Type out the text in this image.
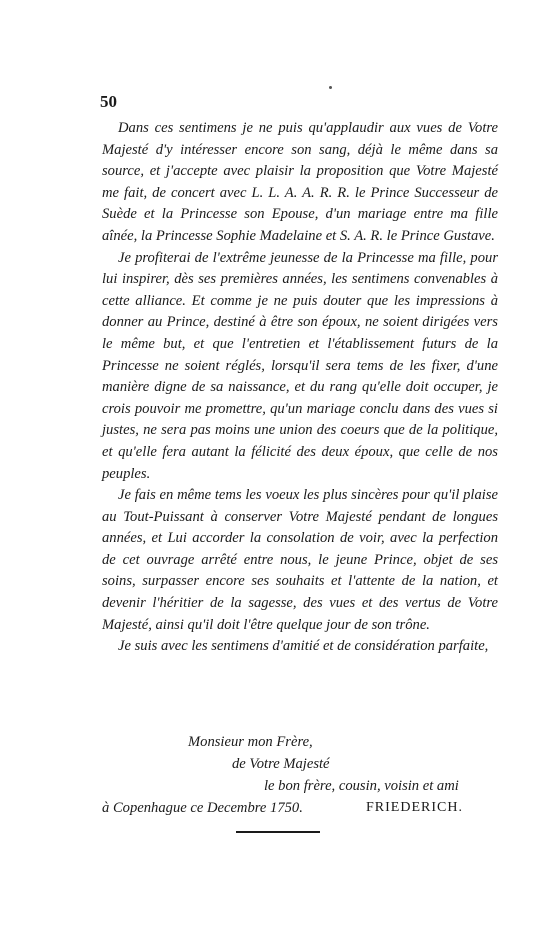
50

Dans ces sentimens je ne puis qu'applaudir aux vues de Votre Majesté d'y intéresser encore son sang, déjà le même dans sa source, et j'accepte avec plaisir la proposition que Votre Majesté me fait, de concert avec L. L. A. A. R. R. le Prince Successeur de Suède et la Princesse son Epouse, d'un mariage entre ma fille aînée, la Princesse Sophie Madelaine et S. A. R. le Prince Gustave.

Je profiterai de l'extrême jeunesse de la Princesse ma fille, pour lui inspirer, dès ses premières années, les sentimens convenables à cette alliance. Et comme je ne puis douter que les impressions à donner au Prince, destiné à être son époux, ne soient dirigées vers le même but, et que l'entretien et l'établissement futurs de la Princesse ne soient réglés, lorsqu'il sera tems de les fixer, d'une manière digne de sa naissance, et du rang qu'elle doit occuper, je crois pouvoir me promettre, qu'un mariage conclu dans des vues si justes, ne sera pas moins une union des coeurs que de la politique, et qu'elle fera autant la félicité des deux époux, que celle de nos peuples.

Je fais en même tems les voeux les plus sincères pour qu'il plaise au Tout-Puissant à conserver Votre Majesté pendant de longues années, et Lui accorder la consolation de voir, avec la perfection de cet ouvrage arrêté entre nous, le jeune Prince, objet de ses soins, surpasser encore ses souhaits et l'attente de la nation, et devenir l'héritier de la sagesse, des vues et des vertus de Votre Majesté, ainsi qu'il doit l'être quelque jour de son trône.

Je suis avec les sentimens d'amitié et de considération parfaite,

Monsieur mon Frère,
de Votre Majesté
le bon frère, cousin, voisin et ami
à Copenhague ce Decembre 1750.	FRIEDERICH.
